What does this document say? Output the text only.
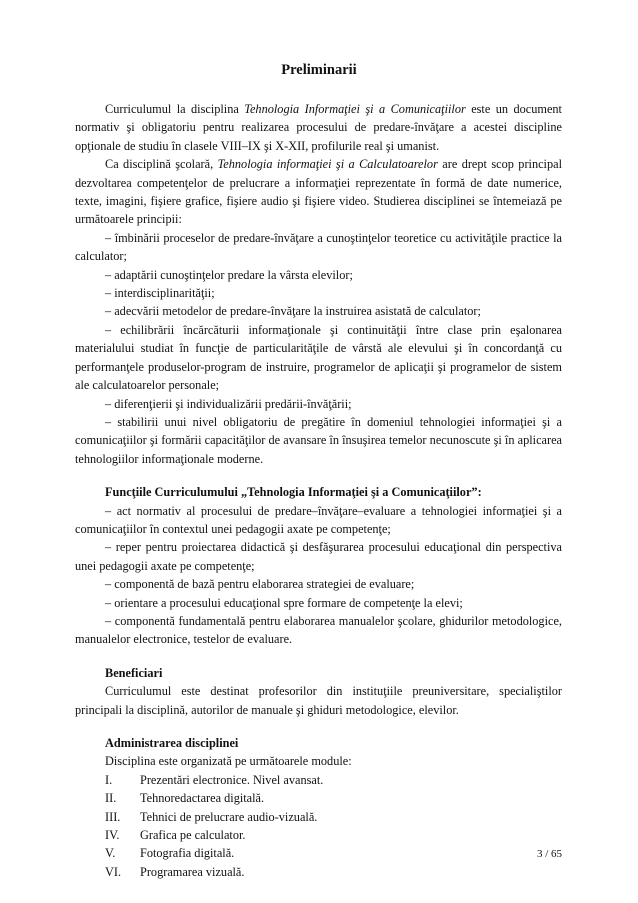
Preliminarii

Curriculumul la disciplina Tehnologia Informaţiei şi a Comunicaţiilor este un document normativ şi obligatoriu pentru realizarea procesului de predare-învăţare a acestei discipline opţionale de studiu în clasele VIII–IX şi X-XII, profilurile real şi umanist.

Ca disciplină şcolară, Tehnologia informaţiei şi a Calculatoarelor are drept scop principal dezvoltarea competenţelor de prelucrare a informaţiei reprezentate în formă de date numerice, texte, imagini, fişiere grafice, fişiere audio şi fişiere video. Studierea disciplinei se întemeiază pe următoarele principii:

– îmbinării proceselor de predare-învăţare a cunoştinţelor teoretice cu activităţile practice la calculator;

– adaptării cunoştinţelor predare la vârsta elevilor;

– interdisciplinarităţii;

– adecvării metodelor de predare-învăţare la instruirea asistată de calculator;

– echilibrării încărcăturii informaţionale şi continuităţii între clase prin eşalonarea materialului studiat în funcţie de particularităţile de vârstă ale elevului şi în concordanţă cu performanţele produselor-program de instruire, programelor de aplicaţii şi programelor de sistem ale calculatoarelor personale;

– diferenţierii şi individualizării predării-învăţării;

– stabilirii unui nivel obligatoriu de pregătire în domeniul tehnologiei informaţiei şi a comunicaţiilor şi formării capacităţilor de avansare în însuşirea temelor necunoscute şi în aplicarea tehnologiilor informaţionale moderne.

Funcţiile Curriculumului „Tehnologia Informaţiei şi a Comunicaţiilor”:

– act normativ al procesului de predare–învăţare–evaluare a tehnologiei informaţiei şi a comunicaţiilor în contextul unei pedagogii axate pe competenţe;

– reper pentru proiectarea didactică şi desfăşurarea procesului educaţional din perspectiva unei pedagogii axate pe competenţe;

– componentă de bază pentru elaborarea strategiei de evaluare;

– orientare a procesului educaţional spre formare de competenţe la elevi;

– componentă fundamentală pentru elaborarea manualelor şcolare, ghidurilor metodologice, manualelor electronice, testelor de evaluare.

Beneficiari

Curriculumul este destinat profesorilor din instituţiile preuniversitare, specialiştilor principali la disciplină, autorilor de manuale şi ghiduri metodologice, elevilor.

Administrarea disciplinei

Disciplina este organizată pe următoarele module:

I.	Prezentări electronice. Nivel avansat.
II.	Tehnoredactarea digitală.
III.	Tehnici de prelucrare audio-vizuală.
IV.	Grafica pe calculator.
V.	Fotografia digitală.
VI.	Programarea vizuală.
3 / 65
